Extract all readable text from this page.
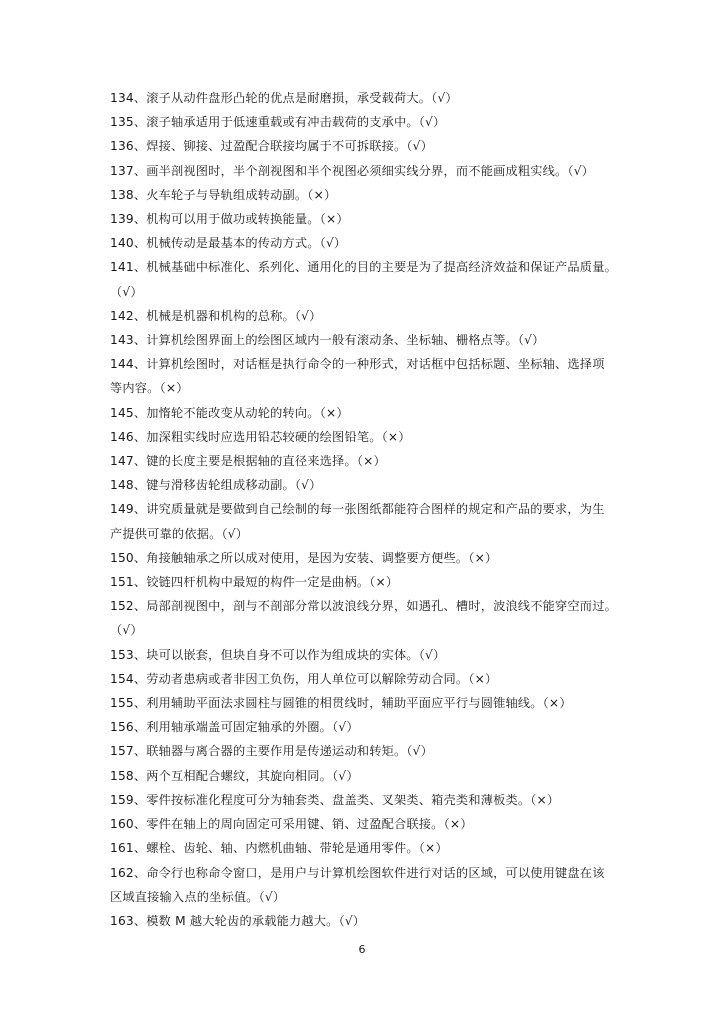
134、滚子从动件盘形凸轮的优点是耐磨损，承受载荷大。（√）
135、滚子轴承适用于低速重载或有冲击载荷的支承中。（√）
136、焊接、铆接、过盈配合联接均属于不可拆联接。（√）
137、画半剖视图时，半个剖视图和半个视图必须细实线分界，而不能画成粗实线。（√）
138、火车轮子与导轨组成转动副。（×）
139、机构可以用于做功或转换能量。（×）
140、机械传动是最基本的传动方式。（√）
141、机械基础中标准化、系列化、通用化的目的主要是为了提高经济效益和保证产品质量。
（√）
142、机械是机器和机构的总称。（√）
143、计算机绘图界面上的绘图区域内一般有滚动条、坐标轴、栅格点等。（√）
144、计算机绘图时，对话框是执行命令的一种形式，对话框中包括标题、坐标轴、选择项
等内容。（×）
145、加惰轮不能改变从动轮的转向。（×）
146、加深粗实线时应选用铅芯较硬的绘图铅笔。（×）
147、键的长度主要是根据轴的直径来选择。（×）
148、键与滑移齿轮组成移动副。（√）
149、讲究质量就是要做到自己绘制的每一张图纸都能符合图样的规定和产品的要求，为生
产提供可靠的依据。（√）
150、角接触轴承之所以成对使用，是因为安装、调整要方便些。（×）
151、铰链四杆机构中最短的构件一定是曲柄。（×）
152、局部剖视图中，剖与不剖部分常以波浪线分界，如遇孔、槽时，波浪线不能穿空而过。
（√）
153、块可以嵌套，但块自身不可以作为组成块的实体。（√）
154、劳动者患病或者非因工负伤，用人单位可以解除劳动合同。（×）
155、利用辅助平面法求圆柱与圆锥的相贯线时，辅助平面应平行与圆锥轴线。（×）
156、利用轴承端盖可固定轴承的外圈。（√）
157、联轴器与离合器的主要作用是传递运动和转矩。（√）
158、两个互相配合螺纹，其旋向相同。（√）
159、零件按标准化程度可分为轴套类、盘盖类、叉架类、箱壳类和薄板类。（×）
160、零件在轴上的周向固定可采用键、销、过盈配合联接。（×）
161、螺栓、齿轮、轴、内燃机曲轴、带轮是通用零件。（×）
162、命令行也称命令窗口，是用户与计算机绘图软件进行对话的区域，可以使用键盘在该
区域直接输入点的坐标值。（√）
163、模数 M 越大轮齿的承载能力越大。（√）
6
